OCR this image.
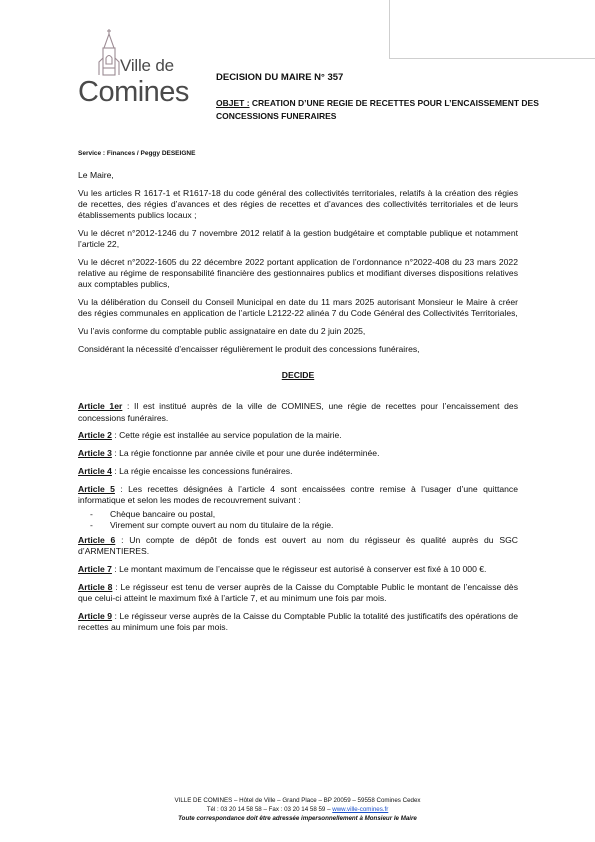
Ville de
Comines	DECISION DU MAIRE N° 357
OBJET : CREATION D’UNE REGIE DE RECETTES POUR L’ENCAISSEMENT DES CONCESSIONS FUNERAIRES
Service : Finances / Peggy DESEIGNE

Le Maire,

Vu les articles R 1617-1 et R1617-18 du code général des collectivités territoriales, relatifs à la création des régies de recettes, des régies d’avances et des régies de recettes et d’avances des collectivités territoriales et de leurs établissements publics locaux ;

Vu le décret n°2012-1246 du 7 novembre 2012 relatif à la gestion budgétaire et comptable publique et notamment l’article 22,

Vu le décret n°2022-1605 du 22 décembre 2022 portant application de l’ordonnance n°2022-408 du 23 mars 2022 relative au régime de responsabilité financière des gestionnaires publics et modifiant diverses dispositions relatives aux comptables publics,

Vu la délibération du Conseil du Conseil Municipal en date du 11 mars 2025 autorisant Monsieur le Maire à créer des régies communales en application de l’article L2122-22 alinéa 7 du Code Général des Collectivités Territoriales,

Vu l’avis conforme du comptable public assignataire en date du 2 juin 2025,

Considérant la nécessité d’encaisser régulièrement le produit des concessions funéraires,

DECIDE

Article 1er : Il est institué auprès de la ville de COMINES, une régie de recettes pour l’encaissement des concessions funéraires.

Article 2 : Cette régie est installée au service population de la mairie.

Article 3 : La régie fonctionne par année civile et pour une durée indéterminée.

Article 4 : La régie encaisse les concessions funéraires.

Article 5 : Les recettes désignées à l’article 4 sont encaissées contre remise à l’usager d’une quittance informatique et selon les modes de recouvrement suivant :

- Chèque bancaire ou postal,
- Virement sur compte ouvert au nom du titulaire de la régie.

Article 6 : Un compte de dépôt de fonds est ouvert au nom du régisseur ès qualité auprès du SGC d’ARMENTIERES.

Article 7 : Le montant maximum de l’encaisse que le régisseur est autorisé à conserver est fixé à 10 000 €.

Article 8 : Le régisseur est tenu de verser auprès de la Caisse du Comptable Public le montant de l’encaisse dès que celui-ci atteint le maximum fixé à l’article 7, et au minimum une fois par mois.

Article 9 : Le régisseur verse auprès de la Caisse du Comptable Public la totalité des justificatifs des opérations de recettes au minimum une fois par mois.

VILLE DE COMINES – Hôtel de Ville – Grand Place – BP 20059 – 59558 Comines Cedex
Tél : 03 20 14 58 58 – Fax : 03 20 14 58 59 – www.ville-comines.fr
Toute correspondance doit être adressée impersonnellement à Monsieur le Maire
